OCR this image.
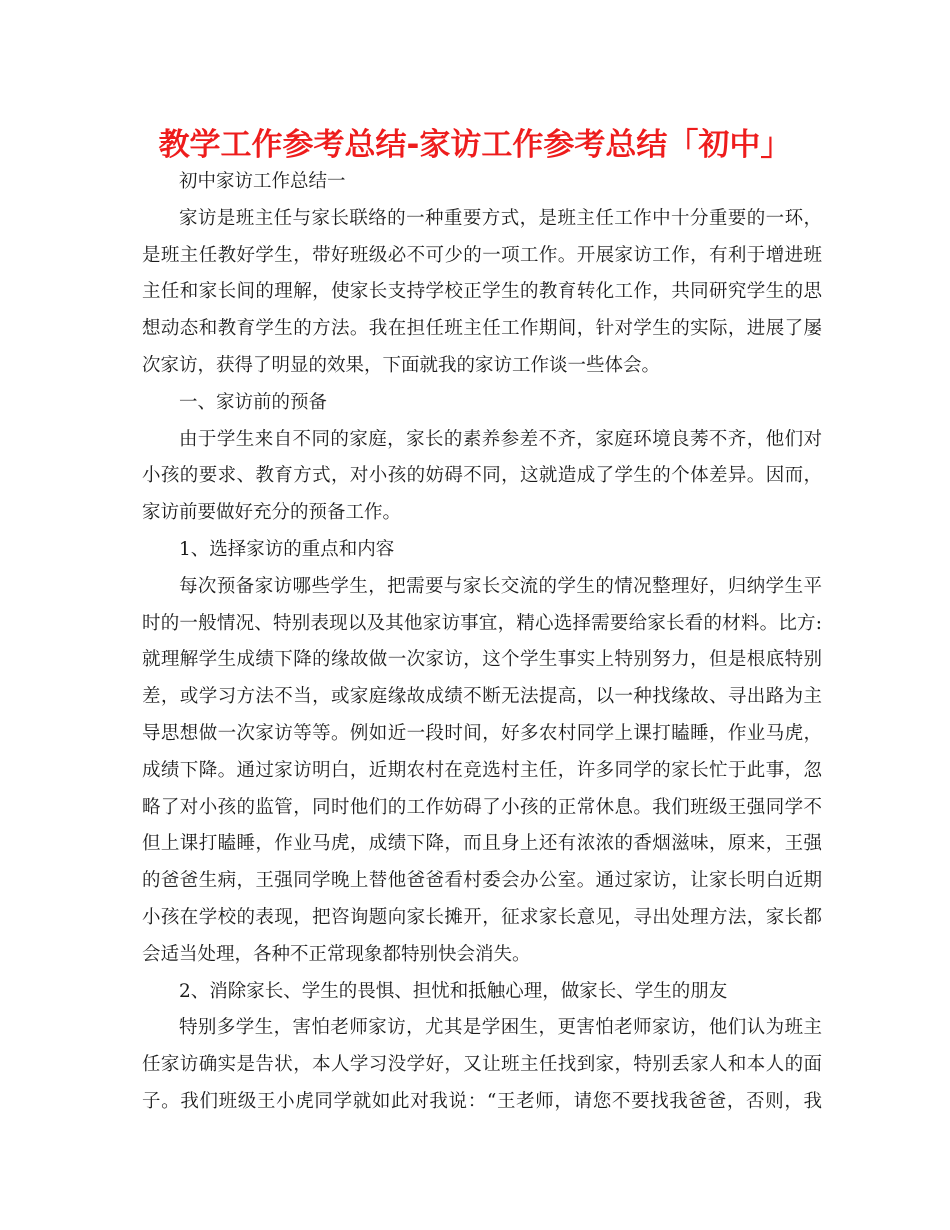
教学工作参考总结-家访工作参考总结「初中」
初中家访工作总结一
家访是班主任与家长联络的一种重要方式，是班主任工作中十分重要的一环，
是班主任教好学生，带好班级必不可少的一项工作。开展家访工作，有利于增进班
主任和家长间的理解，使家长支持学校正学生的教育转化工作，共同研究学生的思
想动态和教育学生的方法。我在担任班主任工作期间，针对学生的实际，进展了屡
次家访，获得了明显的效果，下面就我的家访工作谈一些体会。
一、家访前的预备
由于学生来自不同的家庭，家长的素养参差不齐，家庭环境良莠不齐，他们对
小孩的要求、教育方式，对小孩的妨碍不同，这就造成了学生的个体差异。因而，
家访前要做好充分的预备工作。
1、选择家访的重点和内容
每次预备家访哪些学生，把需要与家长交流的学生的情况整理好，归纳学生平
时的一般情况、特别表现以及其他家访事宜，精心选择需要给家长看的材料。比方:
就理解学生成绩下降的缘故做一次家访，这个学生事实上特别努力，但是根底特别
差，或学习方法不当，或家庭缘故成绩不断无法提高，以一种找缘故、寻出路为主
导思想做一次家访等等。例如近一段时间，好多农村同学上课打瞌睡，作业马虎，
成绩下降。通过家访明白，近期农村在竞选村主任，许多同学的家长忙于此事，忽
略了对小孩的监管，同时他们的工作妨碍了小孩的正常休息。我们班级王强同学不
但上课打瞌睡，作业马虎，成绩下降，而且身上还有浓浓的香烟滋味，原来，王强
的爸爸生病，王强同学晚上替他爸爸看村委会办公室。通过家访，让家长明白近期
小孩在学校的表现，把咨询题向家长摊开，征求家长意见，寻出处理方法，家长都
会适当处理，各种不正常现象都特别快会消失。
2、消除家长、学生的畏惧、担忧和抵触心理，做家长、学生的朋友
特别多学生，害怕老师家访，尤其是学困生，更害怕老师家访，他们认为班主
任家访确实是告状，本人学习没学好，又让班主任找到家，特别丢家人和本人的面
子。我们班级王小虎同学就如此对我说：“王老师，请您不要找我爸爸，否则，我
